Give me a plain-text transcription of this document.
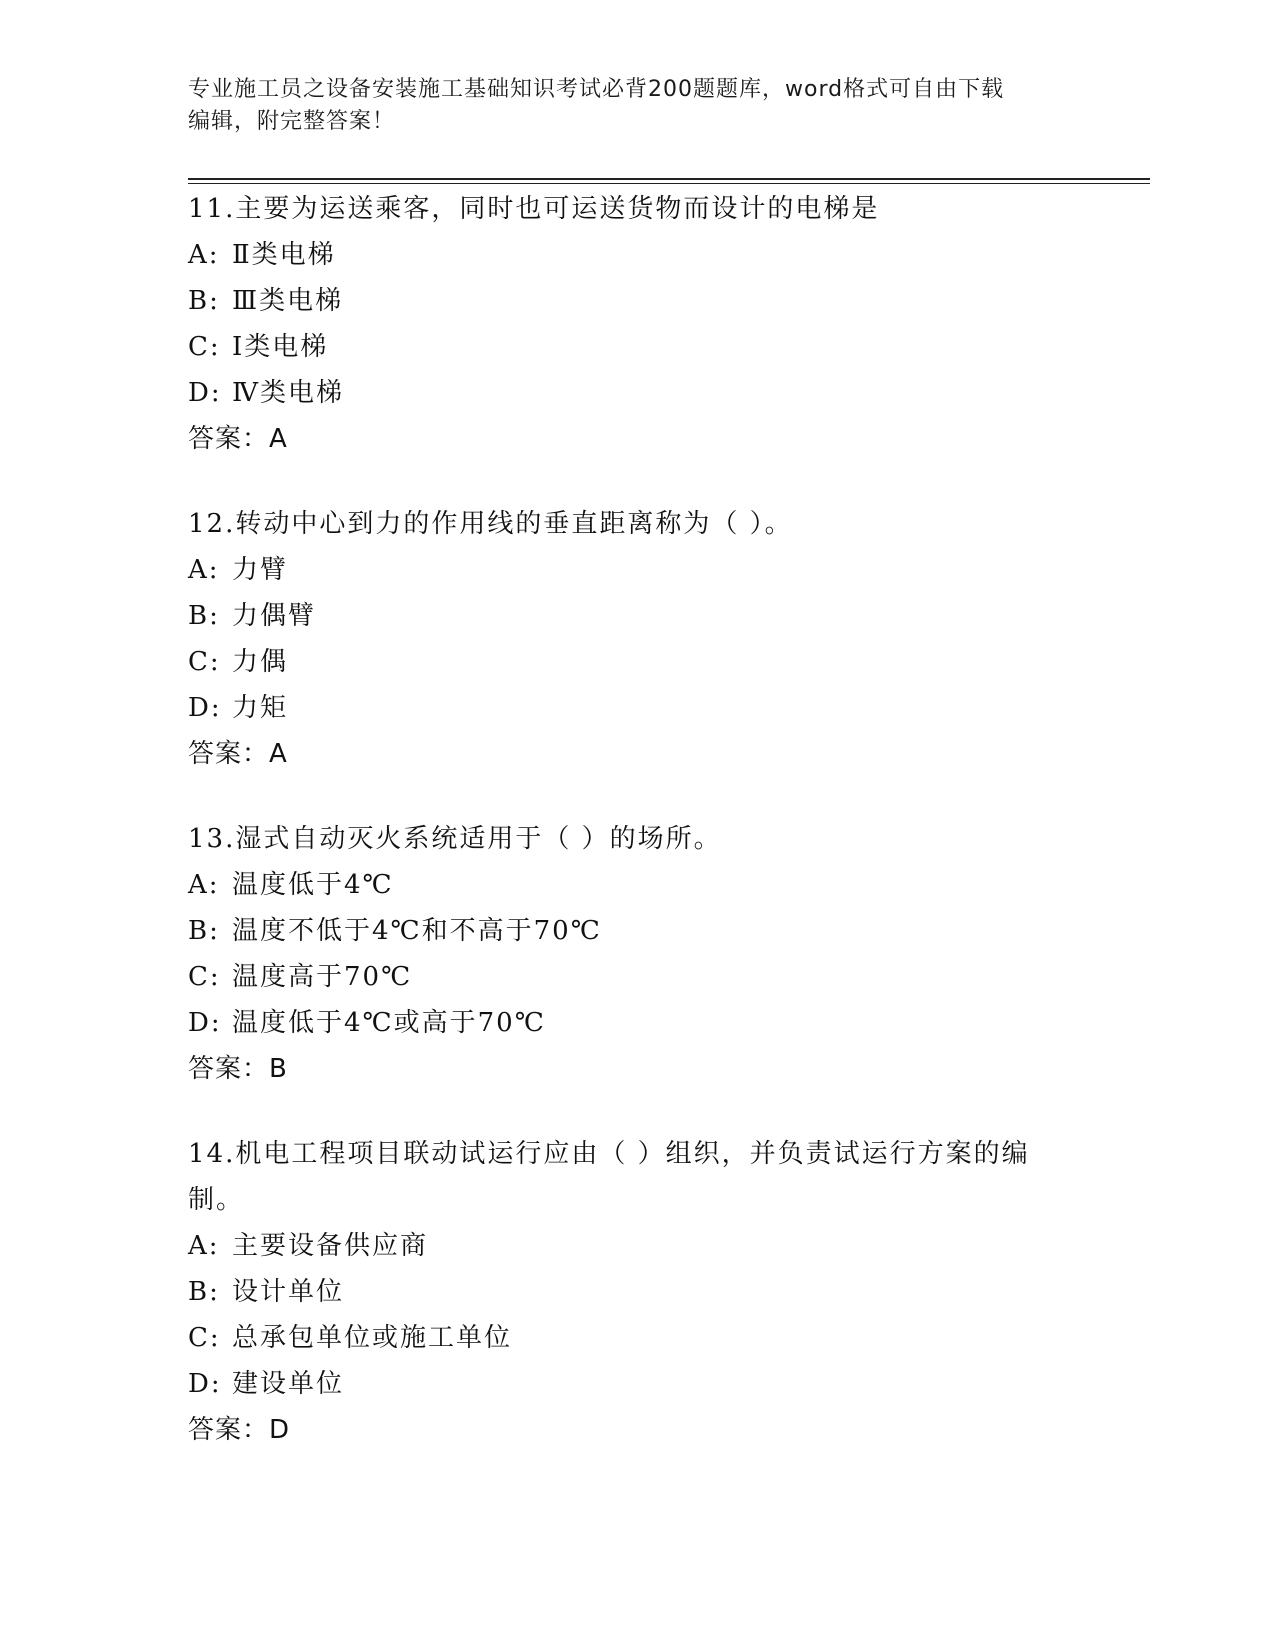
专业施工员之设备安装施工基础知识考试必背200题题库，word格式可自由下载
编辑，附完整答案！

11.主要为运送乘客，同时也可运送货物而设计的电梯是

A: Ⅱ类电梯

B: Ⅲ类电梯

C: Ⅰ类电梯

D: Ⅳ类电梯

答案：A

12.转动中心到力的作用线的垂直距离称为（ ）。

A: 力臂

B: 力偶臂

C: 力偶

D: 力矩

答案：A

13.湿式自动灭火系统适用于（ ）的场所。

A: 温度低于4℃

B: 温度不低于4℃和不高于70℃

C: 温度高于70℃

D: 温度低于4℃或高于70℃

答案：B

14.机电工程项目联动试运行应由（ ）组织，并负责试运行方案的编制。

A: 主要设备供应商

B: 设计单位

C: 总承包单位或施工单位

D: 建设单位

答案：D
